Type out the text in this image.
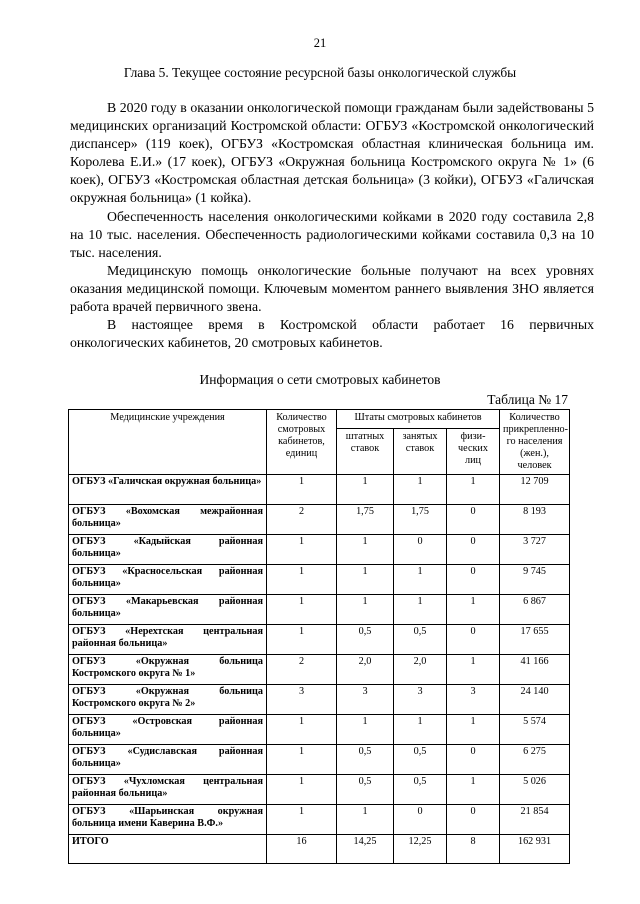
21
Глава 5. Текущее состояние ресурсной базы онкологической службы

В 2020 году в оказании онкологической помощи гражданам были задействованы 5 медицинских организаций Костромской области: ОГБУЗ «Костромской онкологический диспансер» (119 коек), ОГБУЗ «Костромская областная клиническая больница им. Королева Е.И.» (17 коек), ОГБУЗ «Окружная больница Костромского округа № 1» (6 коек), ОГБУЗ «Костромская областная детская больница» (3 койки), ОГБУЗ «Галичская окружная больница» (1 койка).

Обеспеченность населения онкологическими койками в 2020 году составила 2,8 на 10 тыс. населения. Обеспеченность радиологическими койками составила 0,3 на 10 тыс. населения.

Медицинскую помощь онкологические больные получают на всех уровнях оказания медицинской помощи. Ключевым моментом раннего выявления ЗНО является работа врачей первичного звена.

В настоящее время в Костромской области работает 16 первичных онкологических кабинетов, 20 смотровых кабинетов.

Информация о сети смотровых кабинетов
Таблица № 17
Медицинские учреждения	Количество смотровых кабинетов, единиц	Штаты смотровых кабинетов			Количество прикрепленно-го населения (жен.), человек
		штатных ставок	занятых ставок	физи-ческих лиц	
ОГБУЗ «Галичская окружная больница»	1	1	1	1	12 709
ОГБУЗ «Вохомская межрайонная больница»	2	1,75	1,75	0	8 193
ОГБУЗ «Кадыйская районная больница»	1	1	0	0	3 727
ОГБУЗ «Красносельская районная больница»	1	1	1	0	9 745
ОГБУЗ «Макарьевская районная больница»	1	1	1	1	6 867
ОГБУЗ «Нерехтская центральная районная больница»	1	0,5	0,5	0	17 655
ОГБУЗ «Окружная больница Костромского округа № 1»	2	2,0	2,0	1	41 166
ОГБУЗ «Окружная больница Костромского округа № 2»	3	3	3	3	24 140
ОГБУЗ «Островская районная больница»	1	1	1	1	5 574
ОГБУЗ «Судиславская районная больница»	1	0,5	0,5	0	6 275
ОГБУЗ «Чухломская центральная районная больница»	1	0,5	0,5	1	5 026
ОГБУЗ «Шарьинская окружная больница имени Каверина В.Ф.»	1	1	0	0	21 854
ИТОГО	16	14,25	12,25	8	162 931
